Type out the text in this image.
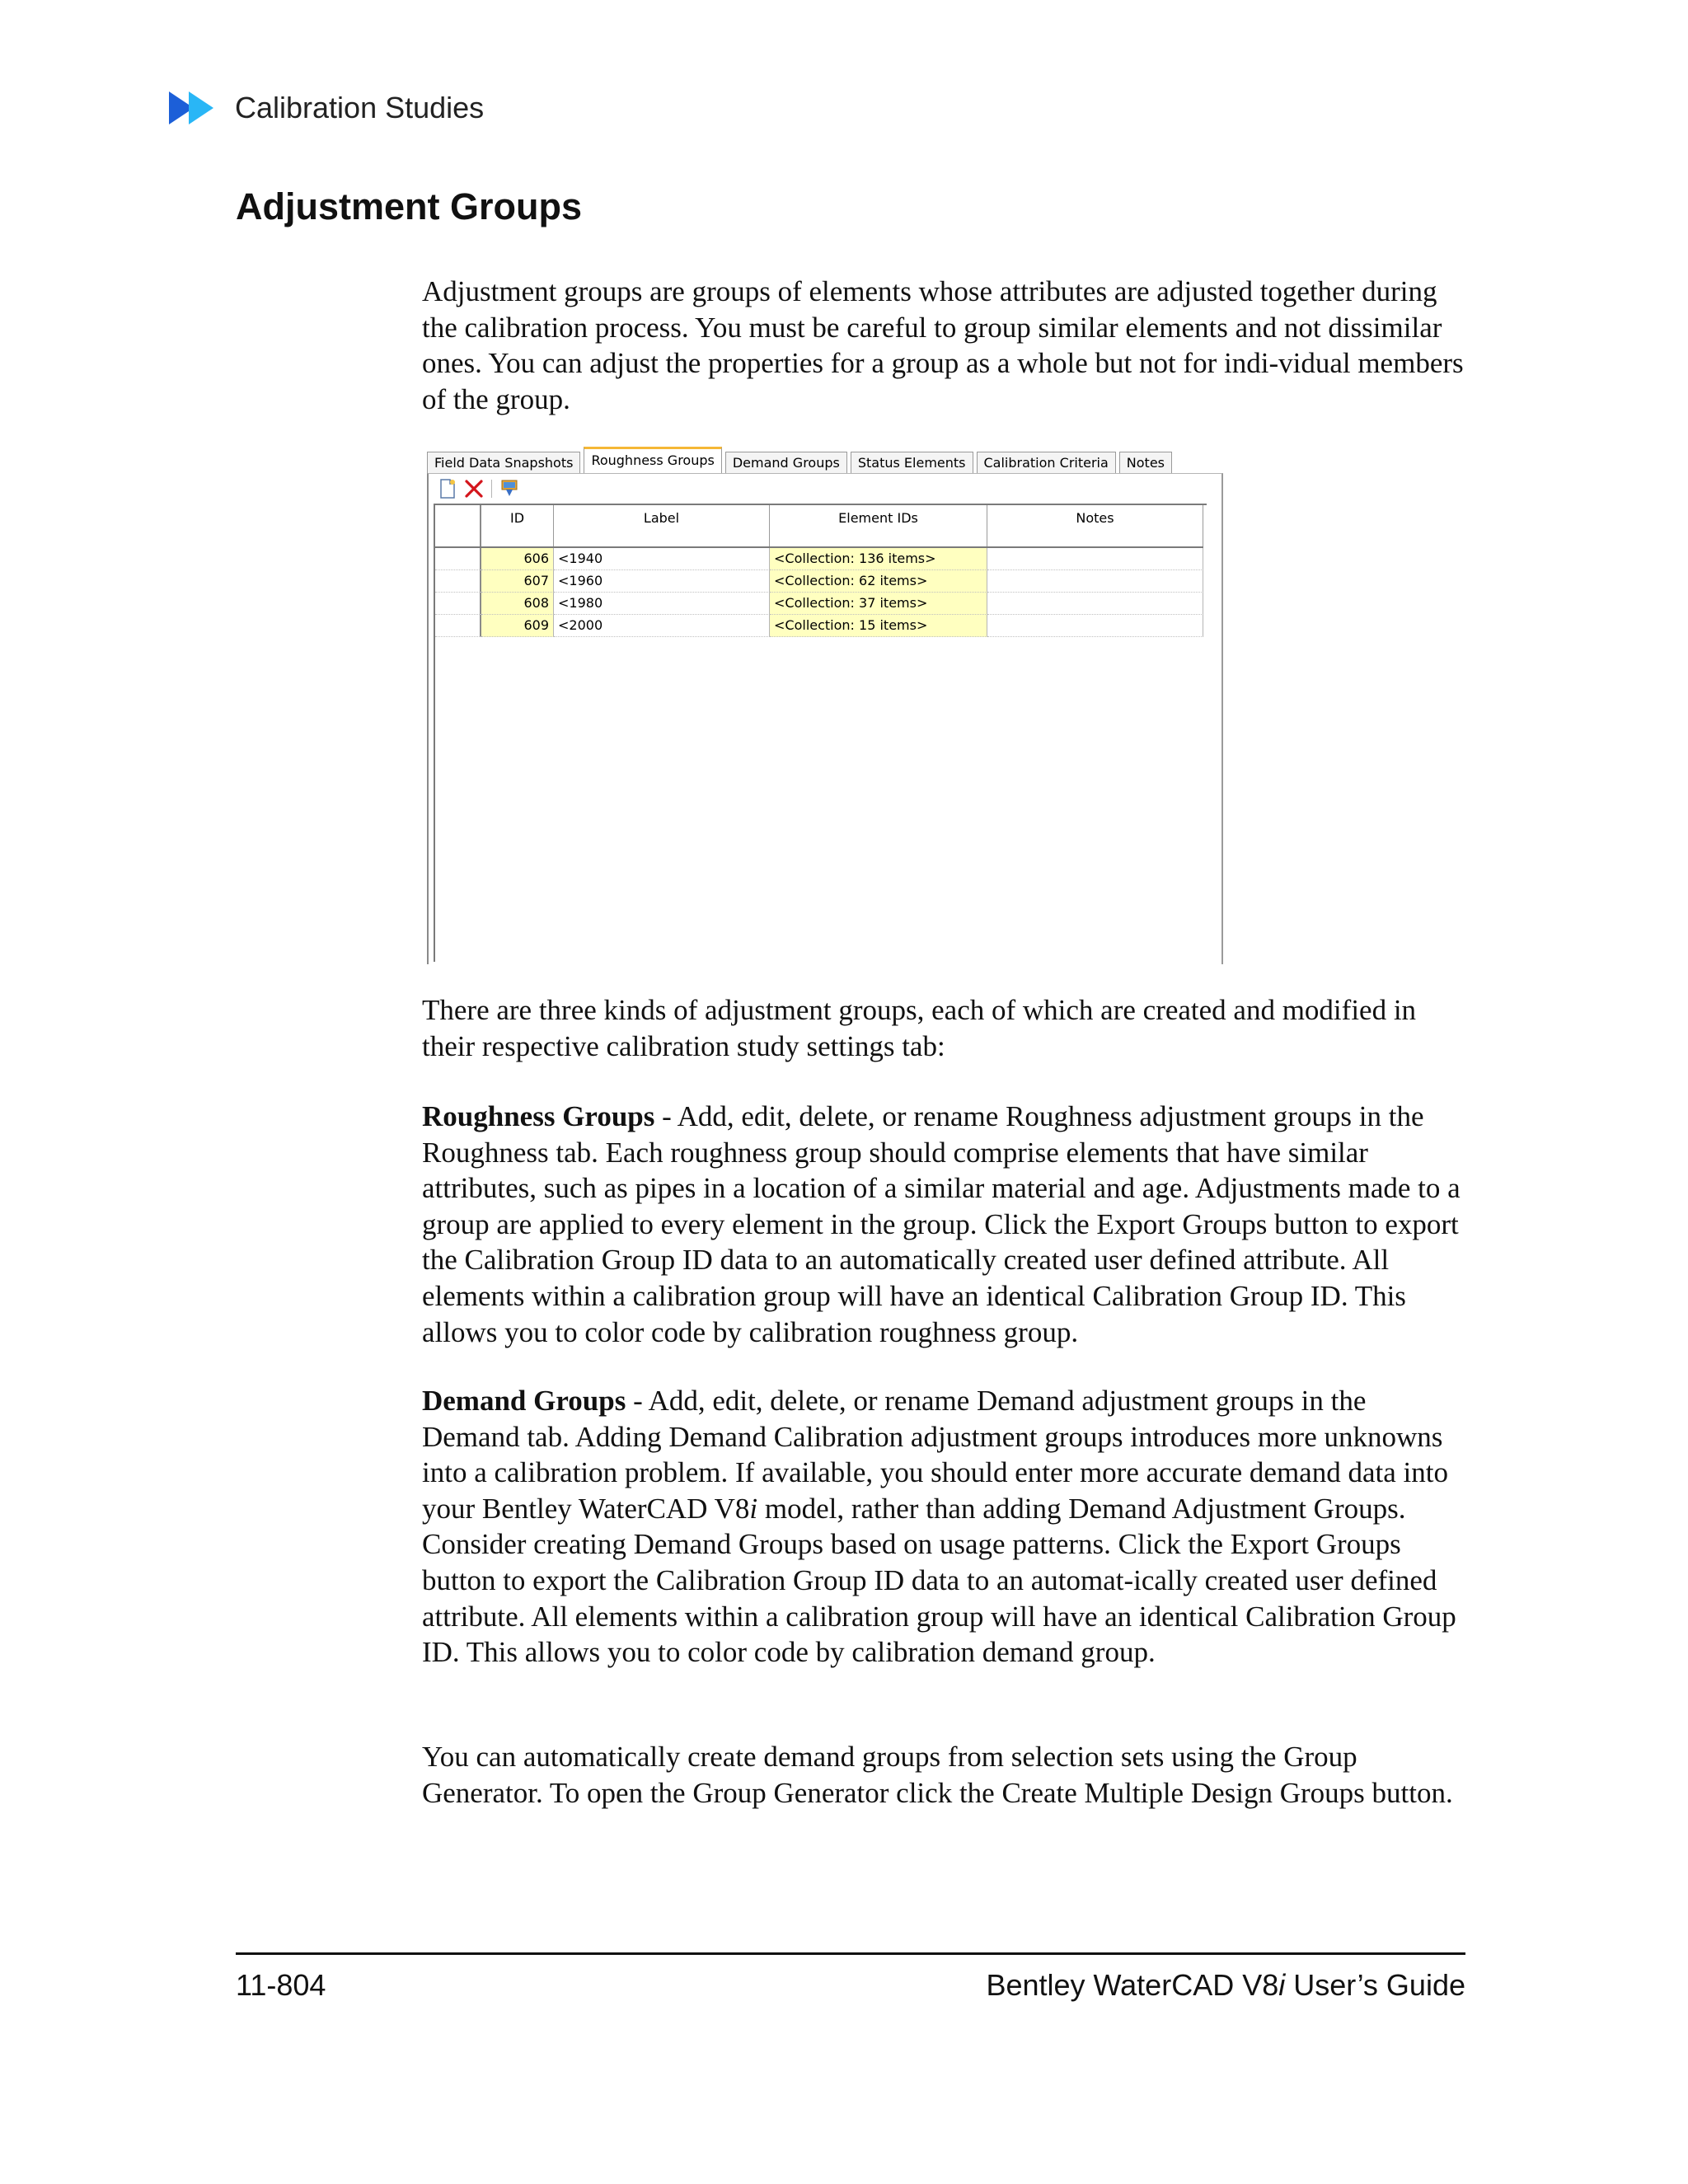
Calibration Studies
Adjustment Groups

Adjustment groups are groups of elements whose attributes are adjusted together during the calibration process. You must be careful to group similar elements and not dissimilar ones. You can adjust the properties for a group as a whole but not for indi-vidual members of the group.

Field Data Snapshots	Roughness Groups	Demand Groups	Status Elements	Calibration Criteria	Notes
ID	Label	Element IDs	Notes
606 <1940	<Collection: 136 items>
607 <1960	<Collection: 62 items>
608 <1980	<Collection: 37 items>
609 <2000	<Collection: 15 items>

There are three kinds of adjustment groups, each of which are created and modified in their respective calibration study settings tab:

Roughness Groups - Add, edit, delete, or rename Roughness adjustment groups in the Roughness tab. Each roughness group should comprise elements that have similar attributes, such as pipes in a location of a similar material and age. Adjustments made to a group are applied to every element in the group. Click the Export Groups button to export the Calibration Group ID data to an automatically created user defined attribute. All elements within a calibration group will have an identical Calibration Group ID. This allows you to color code by calibration roughness group.

Demand Groups - Add, edit, delete, or rename Demand adjustment groups in the Demand tab. Adding Demand Calibration adjustment groups introduces more unknowns into a calibration problem. If available, you should enter more accurate demand data into your Bentley WaterCAD V8i model, rather than adding Demand Adjustment Groups. Consider creating Demand Groups based on usage patterns. Click the Export Groups button to export the Calibration Group ID data to an automat-ically created user defined attribute. All elements within a calibration group will have an identical Calibration Group ID. This allows you to color code by calibration demand group.

You can automatically create demand groups from selection sets using the Group Generator. To open the Group Generator click the Create Multiple Design Groups button.

11-804	Bentley WaterCAD V8i User’s Guide
